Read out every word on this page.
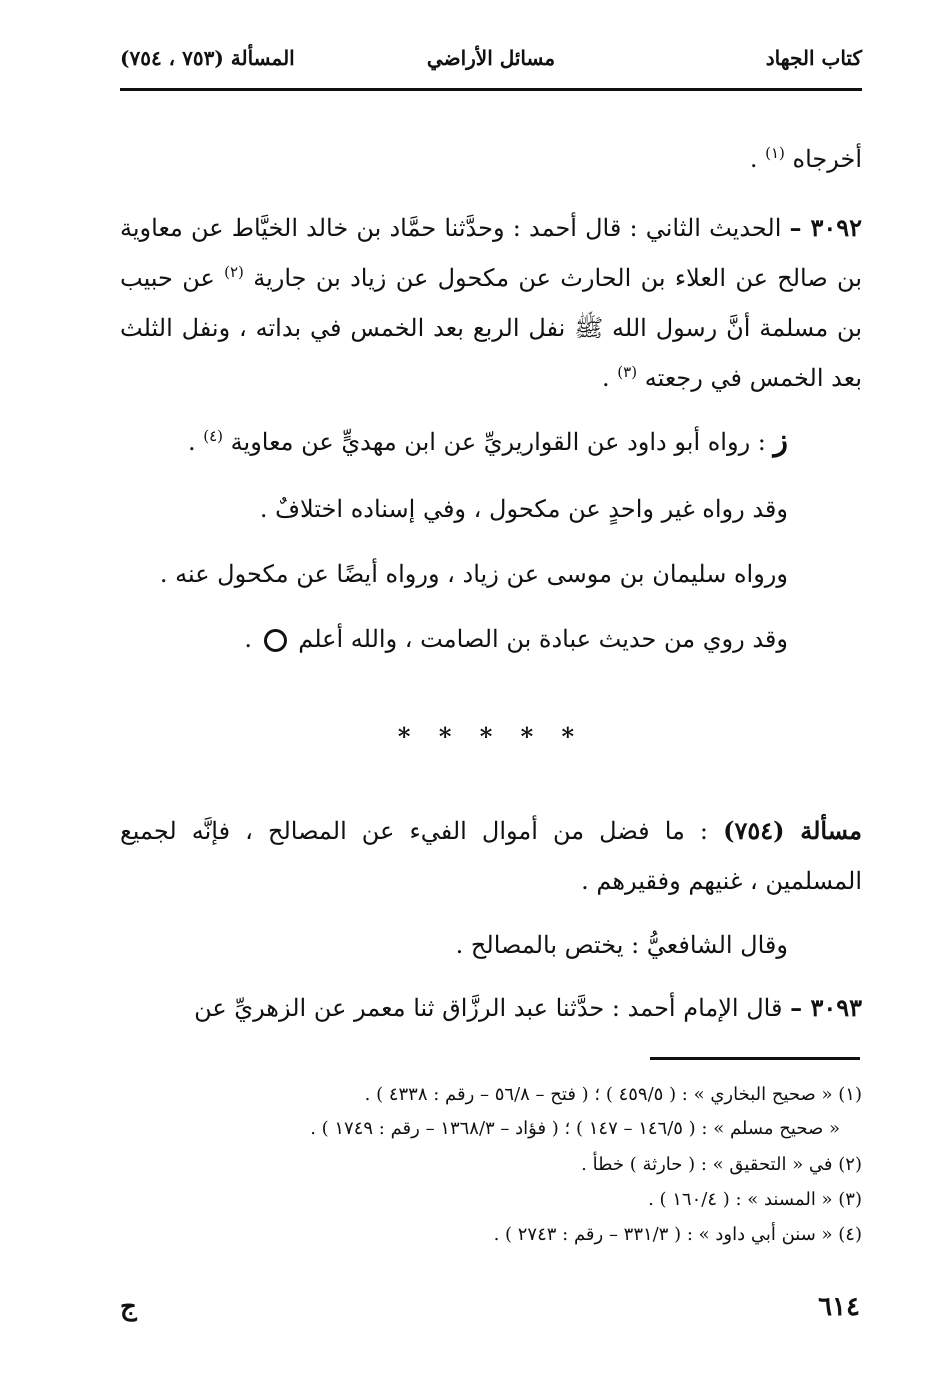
كتاب الجهاد
مسائل الأراضي
المسألة (٧٥٣ ، ٧٥٤)
أخرجاه $^{(١)}$ .
٣٠٩٢ – الحديث الثاني : قال أحمد : وحدَّثنا حمَّاد بن خالد الخيَّاط عن معاوية بن صالح عن العلاء بن الحارث عن مكحول عن زياد بن جارية $^{(٢)}$ عن حبيب بن مسلمة أنَّ رسول الله ﷺ نفل الربع بعد الخمس في بداته ، ونفل الثلث بعد الخمس في رجعته $^{(٣)}$ .
ز : رواه أبو داود عن القواريريِّ عن ابن مهديٍّ عن معاوية $^{(٤)}$ .
وقد رواه غير واحدٍ عن مكحول ، وفي إسناده اختلافٌ .
ورواه سليمان بن موسى عن زياد ، ورواه أيضًا عن مكحول عنه .
وقد روي من حديث عبادة بن الصامت ، والله أعلم  .
* * * * *
مسألة (٧٥٤) : ما فضل من أموال الفيء عن المصالح ، فإنَّه لجميع المسلمين ، غنيهم وفقيرهم .
وقال الشافعيُّ : يختص بالمصالح .
٣٠٩٣ – قال الإمام أحمد : حدَّثنا عبد الرزَّاق ثنا معمر عن الزهريِّ عن
(١) « صحيح البخاري » : ( ٤٥٩/٥ ) ؛ ( فتح – ٥٦/٨ – رقم : ٤٣٣٨ ) .
« صحيح مسلم » : ( ١٤٦/٥ – ١٤٧ ) ؛ ( فؤاد – ١٣٦٨/٣ – رقم : ١٧٤٩ ) .
(٢) في « التحقيق » : ( حارثة ) خطأ .
(٣) « المسند » : ( ١٦٠/٤ ) .
(٤) « سنن أبي داود » : ( ٣٣١/٣ – رقم : ٢٧٤٣ ) .
٦١٤
ج
